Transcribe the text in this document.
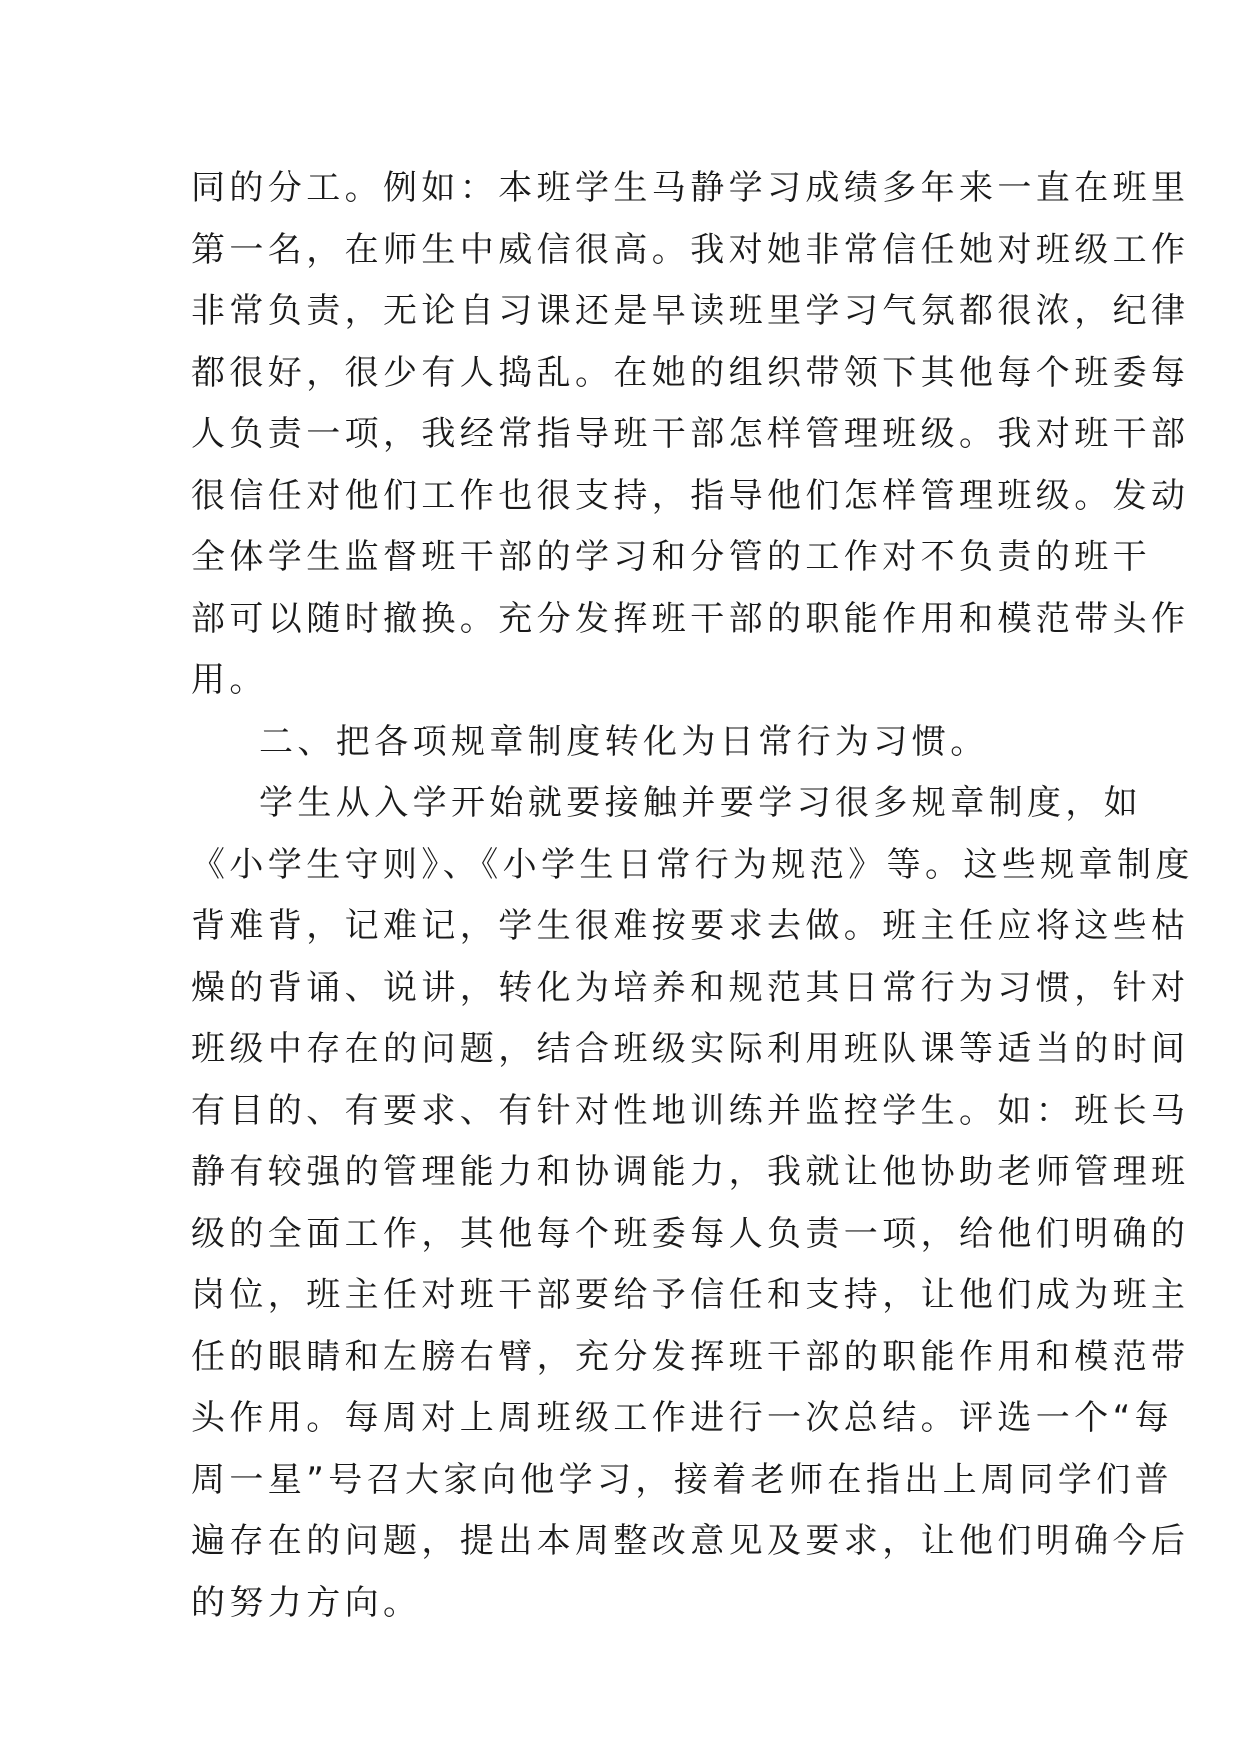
同的分工。例如：本班学生马静学习成绩多年来一直在班里
第一名，在师生中威信很高。我对她非常信任她对班级工作
非常负责，无论自习课还是早读班里学习气氛都很浓，纪律
都很好，很少有人捣乱。在她的组织带领下其他每个班委每
人负责一项，我经常指导班干部怎样管理班级。我对班干部
很信任对他们工作也很支持，指导他们怎样管理班级。发动
全体学生监督班干部的学习和分管的工作对不负责的班干
部可以随时撤换。充分发挥班干部的职能作用和模范带头作
用。
二、把各项规章制度转化为日常行为习惯。
学生从入学开始就要接触并要学习很多规章制度，如
《小学生守则》、《小学生日常行为规范》等。这些规章制度
背难背，记难记，学生很难按要求去做。班主任应将这些枯
燥的背诵、说讲，转化为培养和规范其日常行为习惯，针对
班级中存在的问题，结合班级实际利用班队课等适当的时间
有目的、有要求、有针对性地训练并监控学生。如：班长马
静有较强的管理能力和协调能力，我就让他协助老师管理班
级的全面工作，其他每个班委每人负责一项，给他们明确的
岗位，班主任对班干部要给予信任和支持，让他们成为班主
任的眼睛和左膀右臂，充分发挥班干部的职能作用和模范带
头作用。每周对上周班级工作进行一次总结。评选一个“每
周一星”号召大家向他学习，接着老师在指出上周同学们普
遍存在的问题，提出本周整改意见及要求，让他们明确今后
的努力方向。
